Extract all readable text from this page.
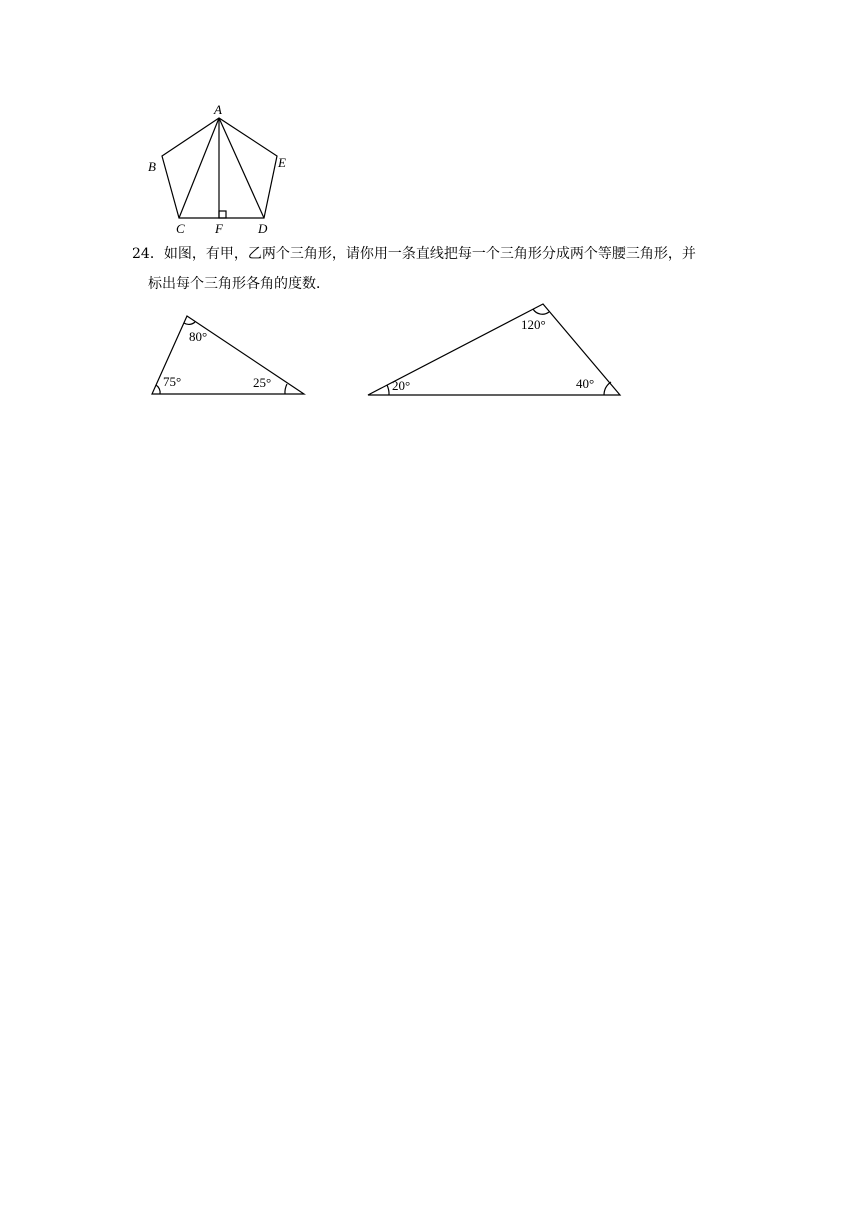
A
B	E
C F	D
24．如图，有甲，乙两个三角形，请你用一条直线把每一个三角形分成两个等腰三角形，并
标出每个三角形各角的度数．
80°
75°	25°
120°
20°	40°
